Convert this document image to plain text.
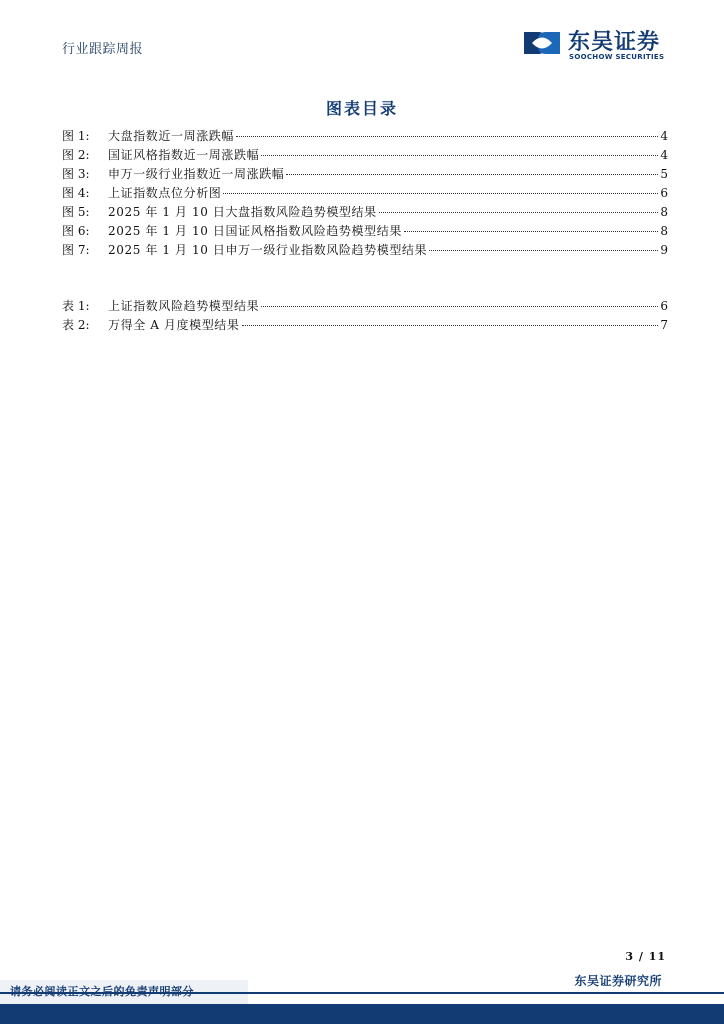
行业跟踪周报	东吴证券
SOOCHOW SECURITIES
图表目录
图 1:	大盘指数近一周涨跌幅	4
图 2:	国证风格指数近一周涨跌幅	4
图 3:	申万一级行业指数近一周涨跌幅	5
图 4:	上证指数点位分析图	6
图 5:	2025 年 1 月 10 日大盘指数风险趋势模型结果	8
图 6:	2025 年 1 月 10 日国证风格指数风险趋势模型结果	8
图 7:	2025 年 1 月 10 日申万一级行业指数风险趋势模型结果	9
表 1:	上证指数风险趋势模型结果	6
表 2:	万得全 A 月度模型结果	7
3 / 11
东吴证券研究所
